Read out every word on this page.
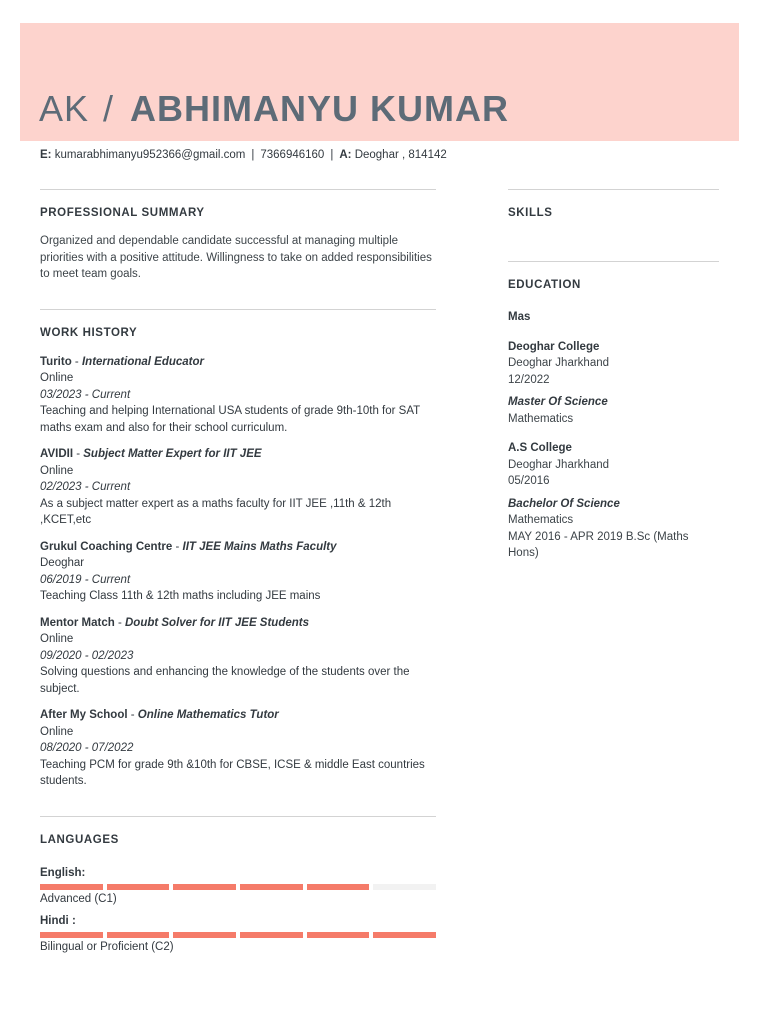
AK / ABHIMANYU KUMAR
E: kumarabhimanyu952366@gmail.com | 7366946160 | A: Deoghar , 814142
PROFESSIONAL SUMMARY
Organized and dependable candidate successful at managing multiple priorities with a positive attitude. Willingness to take on added responsibilities to meet team goals.
WORK HISTORY
Turito - International Educator
Online
03/2023 - Current
Teaching and helping International USA students of grade 9th-10th for SAT maths exam and also for their school curriculum.
AVIDII - Subject Matter Expert for IIT JEE
Online
02/2023 - Current
As a subject matter expert as a maths faculty for IIT JEE ,11th & 12th ,KCET,etc
Grukul Coaching Centre - IIT JEE Mains Maths Faculty
Deoghar
06/2019 - Current
Teaching Class 11th & 12th maths including JEE mains
Mentor Match - Doubt Solver for IIT JEE Students
Online
09/2020 - 02/2023
Solving questions and enhancing the knowledge of the students over the subject.
After My School - Online Mathematics Tutor
Online
08/2020 - 07/2022
Teaching PCM for grade 9th &10th for CBSE, ICSE & middle East countries students.
LANGUAGES
English:
Advanced (C1)
Hindi :
Bilingual or Proficient (C2)
SKILLS
EDUCATION
Mas
Deoghar College
Deoghar Jharkhand
12/2022
Master Of Science
Mathematics
A.S College
Deoghar Jharkhand
05/2016
Bachelor Of Science
Mathematics
MAY 2016 - APR 2019 B.Sc (Maths Hons)
